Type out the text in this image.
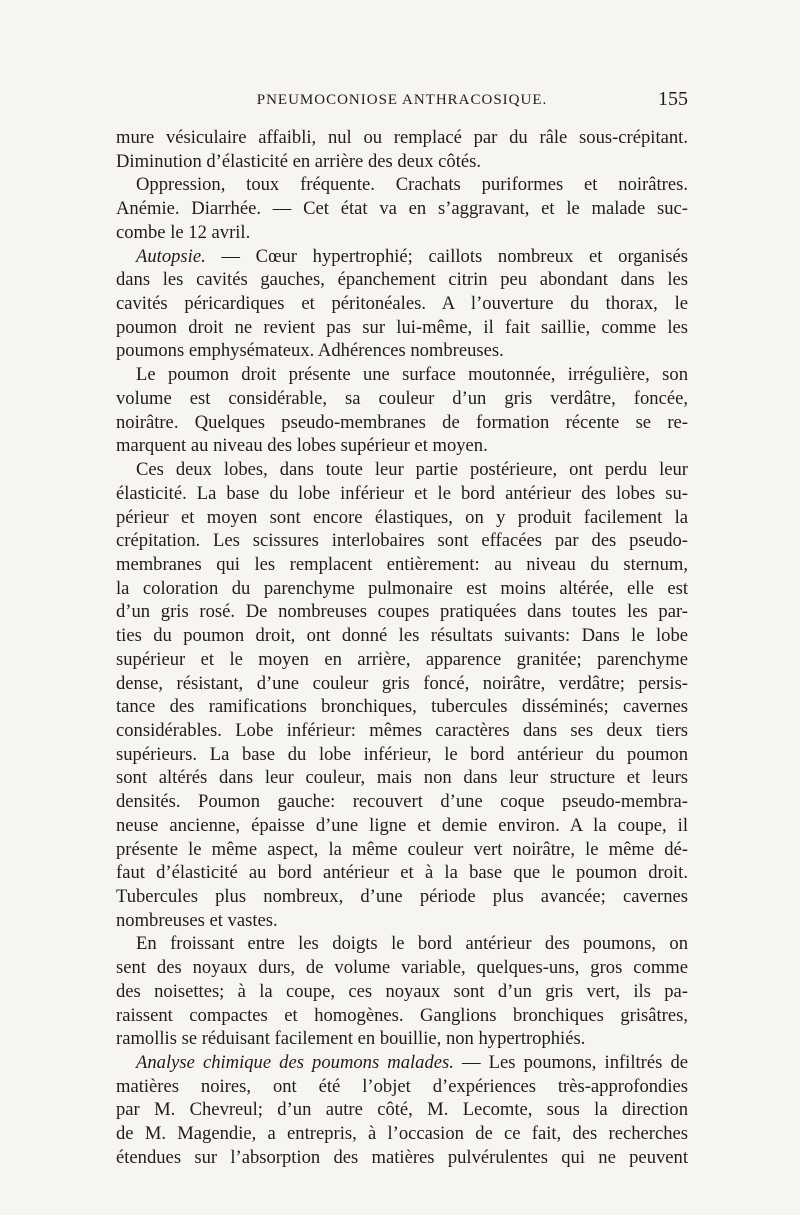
PNEUMOCONIOSE ANTHRACOSIQUE.	155
mure vésiculaire affaibli, nul ou remplacé par du râle sous-crépitant.
Diminution d’élasticité en arrière des deux côtés.
Oppression, toux fréquente. Crachats puriformes et noirâtres.
Anémie. Diarrhée. — Cet état va en s’aggravant, et le malade suc-
combe le 12 avril.
Autopsie. — Cœur hypertrophié; caillots nombreux et organisés
dans les cavités gauches, épanchement citrin peu abondant dans les
cavités péricardiques et péritonéales. A l’ouverture du thorax, le
poumon droit ne revient pas sur lui-même, il fait saillie, comme les
poumons emphysémateux. Adhérences nombreuses.
Le poumon droit présente une surface moutonnée, irrégulière, son
volume est considérable, sa couleur d’un gris verdâtre, foncée,
noirâtre. Quelques pseudo-membranes de formation récente se re-
marquent au niveau des lobes supérieur et moyen.
Ces deux lobes, dans toute leur partie postérieure, ont perdu leur
élasticité. La base du lobe inférieur et le bord antérieur des lobes su-
périeur et moyen sont encore élastiques, on y produit facilement la
crépitation. Les scissures interlobaires sont effacées par des pseudo-
membranes qui les remplacent entièrement: au niveau du sternum,
la coloration du parenchyme pulmonaire est moins altérée, elle est
d’un gris rosé. De nombreuses coupes pratiquées dans toutes les par-
ties du poumon droit, ont donné les résultats suivants: Dans le lobe
supérieur et le moyen en arrière, apparence granitée; parenchyme
dense, résistant, d’une couleur gris foncé, noirâtre, verdâtre; persis-
tance des ramifications bronchiques, tubercules disséminés; cavernes
considérables. Lobe inférieur: mêmes caractères dans ses deux tiers
supérieurs. La base du lobe inférieur, le bord antérieur du poumon
sont altérés dans leur couleur, mais non dans leur structure et leurs
densités. Poumon gauche: recouvert d’une coque pseudo-membra-
neuse ancienne, épaisse d’une ligne et demie environ. A la coupe, il
présente le même aspect, la même couleur vert noirâtre, le même dé-
faut d’élasticité au bord antérieur et à la base que le poumon droit.
Tubercules plus nombreux, d’une période plus avancée; cavernes
nombreuses et vastes.
En froissant entre les doigts le bord antérieur des poumons, on
sent des noyaux durs, de volume variable, quelques-uns, gros comme
des noisettes; à la coupe, ces noyaux sont d’un gris vert, ils pa-
raissent compactes et homogènes. Ganglions bronchiques grisâtres,
ramollis se réduisant facilement en bouillie, non hypertrophiés.
Analyse chimique des poumons malades. — Les poumons, infiltrés de
matières noires, ont été l’objet d’expériences très-approfondies
par M. Chevreul; d’un autre côté, M. Lecomte, sous la direction
de M. Magendie, a entrepris, à l’occasion de ce fait, des recherches
étendues sur l’absorption des matières pulvérulentes qui ne peuvent
